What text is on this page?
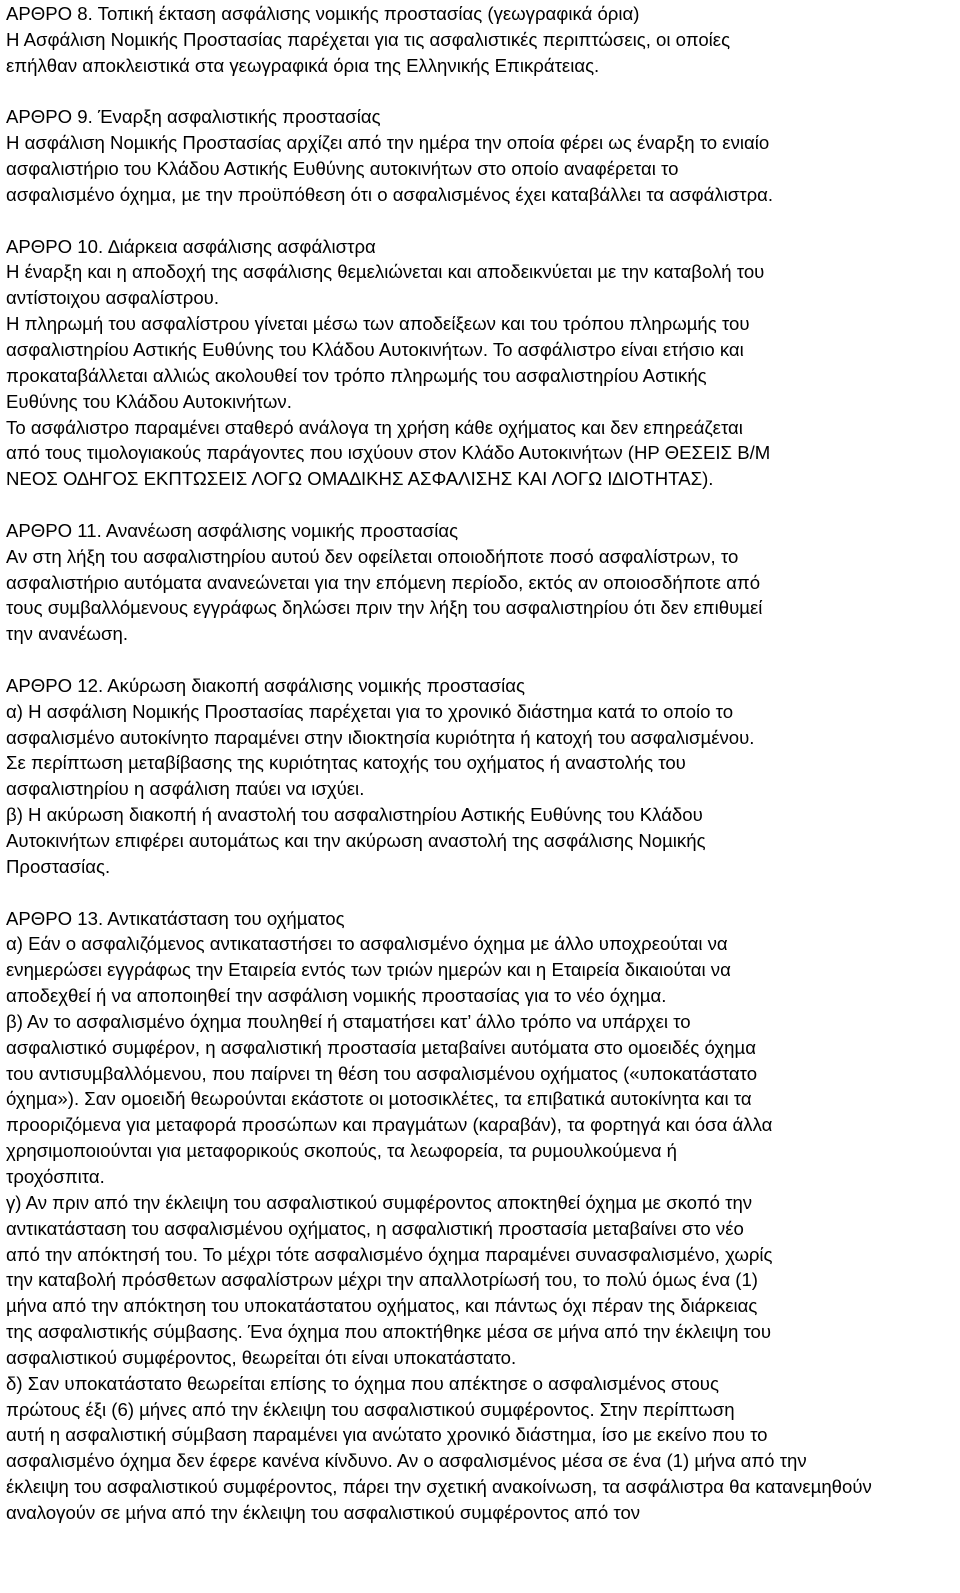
ΑΡΘΡΟ 8. Τοπική έκταση ασφάλισης νοµικής προστασίας (γεωγραφικά όρια)
Η Ασφάλιση Νοµικής Προστασίας παρέχεται για τις ασφαλιστικές περιπτώσεις, οι οποίες
επήλθαν αποκλειστικά στα γεωγραφικά όρια της Ελληνικής Επικράτειας.
ΑΡΘΡΟ 9. Έναρξη ασφαλιστικής προστασίας
Η ασφάλιση Νοµικής Προστασίας αρχίζει από την ηµέρα την οποία φέρει ως έναρξη το ενιαίο
ασφαλιστήριο του Κλάδου Αστικής Ευθύνης αυτοκινήτων στο οποίο αναφέρεται το
ασφαλισµένο όχηµα, µε την προϋπόθεση ότι ο ασφαλισµένος έχει καταβάλλει τα ασφάλιστρα.
ΑΡΘΡΟ 10. ∆ιάρκεια ασφάλισης ασφάλιστρα
Η έναρξη και η αποδοχή της ασφάλισης θεµελιώνεται και αποδεικνύεται µε την καταβολή του
αντίστοιχου ασφαλίστρου.
Η πληρωµή του ασφαλίστρου γίνεται µέσω των αποδείξεων και του τρόπου πληρωµής του
ασφαλιστηρίου Αστικής Ευθύνης του Κλάδου Αυτοκινήτων. Το ασφάλιστρο είναι ετήσιο και
προκαταβάλλεται αλλιώς ακολουθεί τον τρόπο πληρωµής του ασφαλιστηρίου Αστικής
Ευθύνης του Κλάδου Αυτοκινήτων.
Το ασφάλιστρο παραµένει σταθερό ανάλογα τη χρήση κάθε οχήµατος και δεν επηρεάζεται
από τους τιµολογιακούς παράγοντες που ισχύουν στον Κλάδο Αυτοκινήτων (ΗΡ ΘΕΣΕΙΣ Β/Μ
ΝΕΟΣ Ο∆ΗΓΟΣ ΕΚΠΤΩΣΕΙΣ ΛΟΓΩ ΟΜΑ∆ΙΚΗΣ ΑΣΦΑΛΙΣΗΣ ΚΑΙ ΛΟΓΩ Ι∆ΙΟΤΗΤΑΣ).
ΑΡΘΡΟ 11. Ανανέωση ασφάλισης νοµικής προστασίας
Αν στη λήξη του ασφαλιστηρίου αυτού δεν οφείλεται οποιοδήποτε ποσό ασφαλίστρων, το
ασφαλιστήριο αυτόµατα ανανεώνεται για την επόµενη περίοδο, εκτός αν οποιοσδήποτε από
τους συµβαλλόµενους εγγράφως δηλώσει πριν την λήξη του ασφαλιστηρίου ότι δεν επιθυµεί
την ανανέωση.
ΑΡΘΡΟ 12. Ακύρωση διακοπή ασφάλισης νοµικής προστασίας
α) Η ασφάλιση Νοµικής Προστασίας παρέχεται για το χρονικό διάστηµα κατά το οποίο το
ασφαλισµένο αυτοκίνητο παραµένει στην ιδιοκτησία κυριότητα ή κατοχή του ασφαλισµένου.
Σε περίπτωση µεταβίβασης της κυριότητας κατοχής του οχήµατος ή αναστολής του
ασφαλιστηρίου η ασφάλιση παύει να ισχύει.
β) Η ακύρωση διακοπή ή αναστολή του ασφαλιστηρίου Αστικής Ευθύνης του Κλάδου
Αυτοκινήτων επιφέρει αυτοµάτως και την ακύρωση αναστολή της ασφάλισης Νοµικής
Προστασίας.
ΑΡΘΡΟ 13. Αντικατάσταση του οχήµατος
α) Εάν ο ασφαλιζόµενος αντικαταστήσει το ασφαλισµένο όχηµα µε άλλο υποχρεούται να
ενηµερώσει εγγράφως την Εταιρεία εντός των τριών ηµερών και η Εταιρεία δικαιούται να
αποδεχθεί ή να αποποιηθεί την ασφάλιση νοµικής προστασίας για το νέο όχηµα.
β) Αν το ασφαλισµένο όχηµα πουληθεί ή σταµατήσει κατ’ άλλο τρόπο να υπάρχει το
ασφαλιστικό συµφέρον, η ασφαλιστική προστασία µεταβαίνει αυτόµατα στο οµοειδές όχηµα
του αντισυµβαλλόµενου, που παίρνει τη θέση του ασφαλισµένου οχήµατος («υποκατάστατο
όχηµα»). Σαν οµοειδή θεωρούνται εκάστοτε οι µοτοσικλέτες, τα επιβατικά αυτοκίνητα και τα
προοριζόµενα για µεταφορά προσώπων και πραγµάτων (καραβάν), τα φορτηγά και όσα άλλα
χρησιµοποιούνται για µεταφορικούς σκοπούς, τα λεωφορεία, τα ρυµουλκούµενα ή
τροχόσπιτα.
γ) Αν πριν από την έκλειψη του ασφαλιστικού συµφέροντος αποκτηθεί όχηµα µε σκοπό την
αντικατάσταση του ασφαλισµένου οχήµατος, η ασφαλιστική προστασία µεταβαίνει στο νέο
από την απόκτησή του. Το µέχρι τότε ασφαλισµένο όχηµα παραµένει συνασφαλισµένο, χωρίς
την καταβολή πρόσθετων ασφαλίστρων µέχρι την απαλλοτρίωσή του, το πολύ όµως ένα (1)
µήνα από την απόκτηση του υποκατάστατου οχήµατος, και πάντως όχι πέραν της διάρκειας
της ασφαλιστικής σύµβασης. Ένα όχηµα που αποκτήθηκε µέσα σε µήνα από την έκλειψη του
ασφαλιστικού συµφέροντος, θεωρείται ότι είναι υποκατάστατο.
δ) Σαν υποκατάστατο θεωρείται επίσης το όχηµα που απέκτησε ο ασφαλισµένος στους
πρώτους έξι (6) µήνες από την έκλειψη του ασφαλιστικού συµφέροντος. Στην περίπτωση
αυτή η ασφαλιστική σύµβαση παραµένει για ανώτατο χρονικό διάστηµα, ίσο µε εκείνο που το
ασφαλισµένο όχηµα δεν έφερε κανένα κίνδυνο. Αν ο ασφαλισµένος µέσα σε ένα (1) µήνα από την
έκλειψη του ασφαλιστικού συµφέροντος, πάρει την σχετική ανακοίνωση, τα ασφάλιστρα θα κατανεµηθούν
αναλογούν σε µήνα από την έκλειψη του ασφαλιστικού συµφέροντος από τον
